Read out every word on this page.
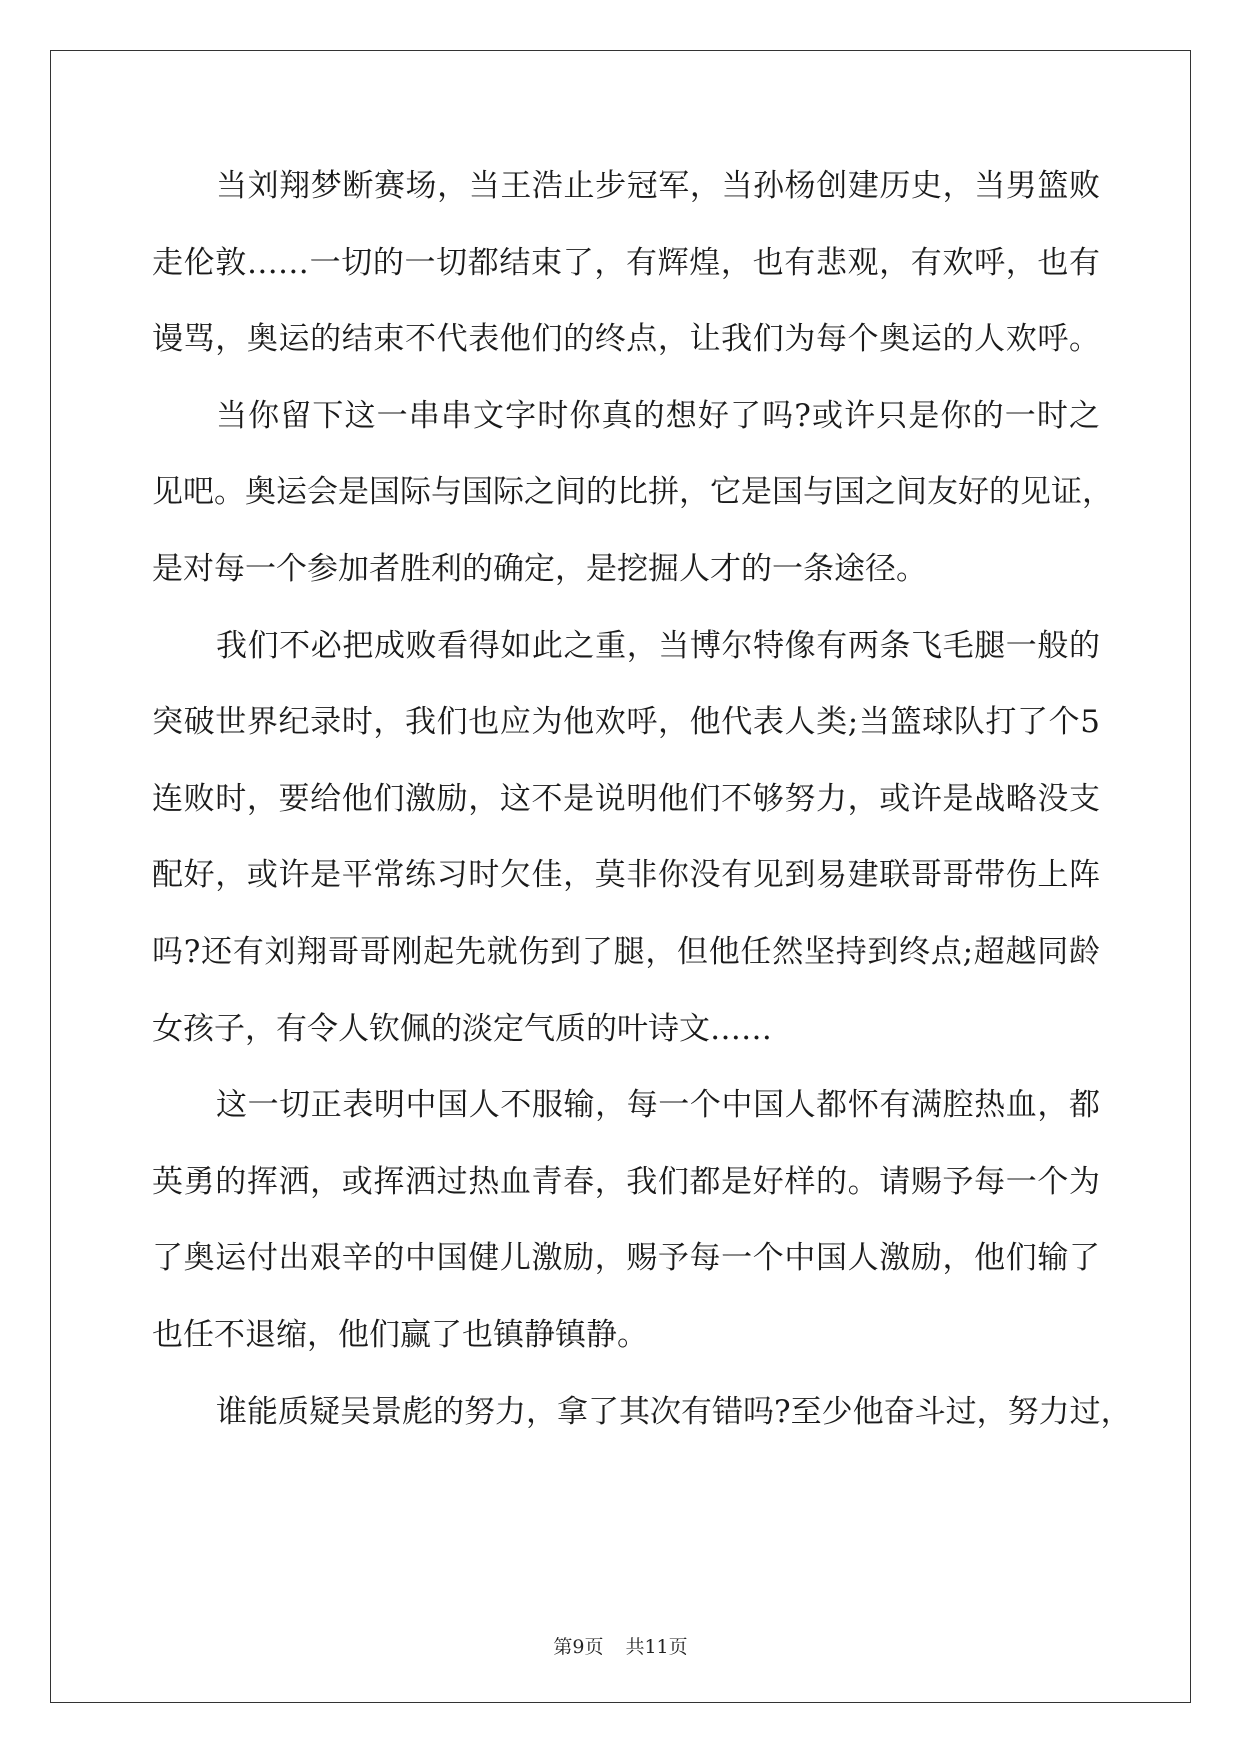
当刘翔梦断赛场，当王浩止步冠军，当孙杨创建历史，当男篮败
走伦敦……一切的一切都结束了，有辉煌，也有悲观，有欢呼，也有
谩骂，奥运的结束不代表他们的终点，让我们为每个奥运的人欢呼。
当你留下这一串串文字时你真的想好了吗?或许只是你的一时之
见吧。奥运会是国际与国际之间的比拼，它是国与国之间友好的见证，
是对每一个参加者胜利的确定，是挖掘人才的一条途径。
我们不必把成败看得如此之重，当博尔特像有两条飞毛腿一般的
突破世界纪录时，我们也应为他欢呼，他代表人类;当篮球队打了个5
连败时，要给他们激励，这不是说明他们不够努力，或许是战略没支
配好，或许是平常练习时欠佳，莫非你没有见到易建联哥哥带伤上阵
吗?还有刘翔哥哥刚起先就伤到了腿，但他任然坚持到终点;超越同龄
女孩子，有令人钦佩的淡定气质的叶诗文……
这一切正表明中国人不服输，每一个中国人都怀有满腔热血，都
英勇的挥洒，或挥洒过热血青春，我们都是好样的。请赐予每一个为
了奥运付出艰辛的中国健儿激励，赐予每一个中国人激励，他们输了
也任不退缩，他们赢了也镇静镇静。
谁能质疑吴景彪的努力，拿了其次有错吗?至少他奋斗过，努力过，
第9页 共11页
